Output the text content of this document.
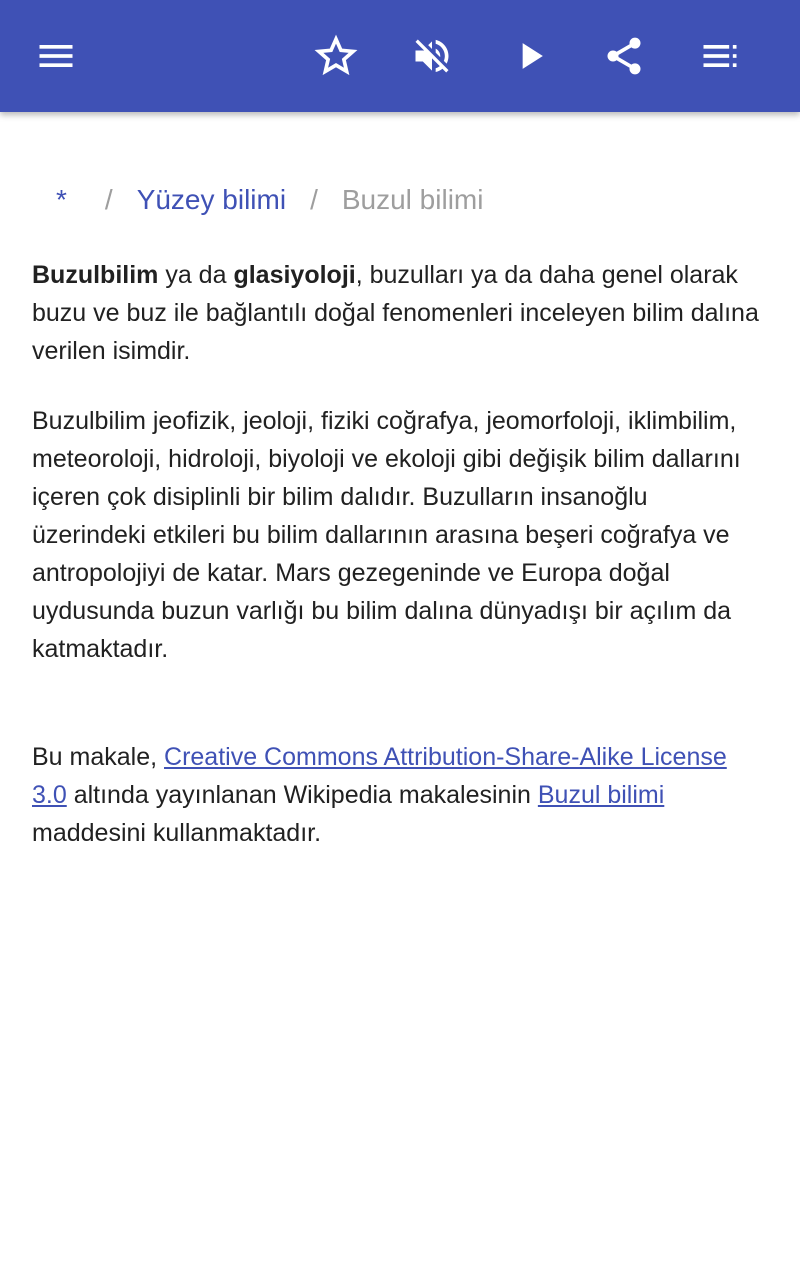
*	/ Yüzey bilimi / Buzul bilimi

Buzulbilim ya da glasiyoloji, buzulları ya da daha genel olarak buzu ve buz ile bağlantılı doğal fenomenleri inceleyen bilim dalına verilen isimdir.

Buzulbilim jeofizik, jeoloji, fiziki coğrafya, jeomorfoloji, iklimbilim, meteoroloji, hidroloji, biyoloji ve ekoloji gibi değişik bilim dallarını içeren çok disiplinli bir bilim dalıdır. Buzulların insanoğlu üzerindeki etkileri bu bilim dallarının arasına beşeri coğrafya ve antropolojiyi de katar. Mars gezegeninde ve Europa doğal uydusunda buzun varlığı bu bilim dalına dünyadışı bir açılım da katmaktadır.

Bu makale, Creative Commons Attribution-Share-Alike License 3.0 altında yayınlanan Wikipedia makalesinin Buzul bilimi maddesini kullanmaktadır.
